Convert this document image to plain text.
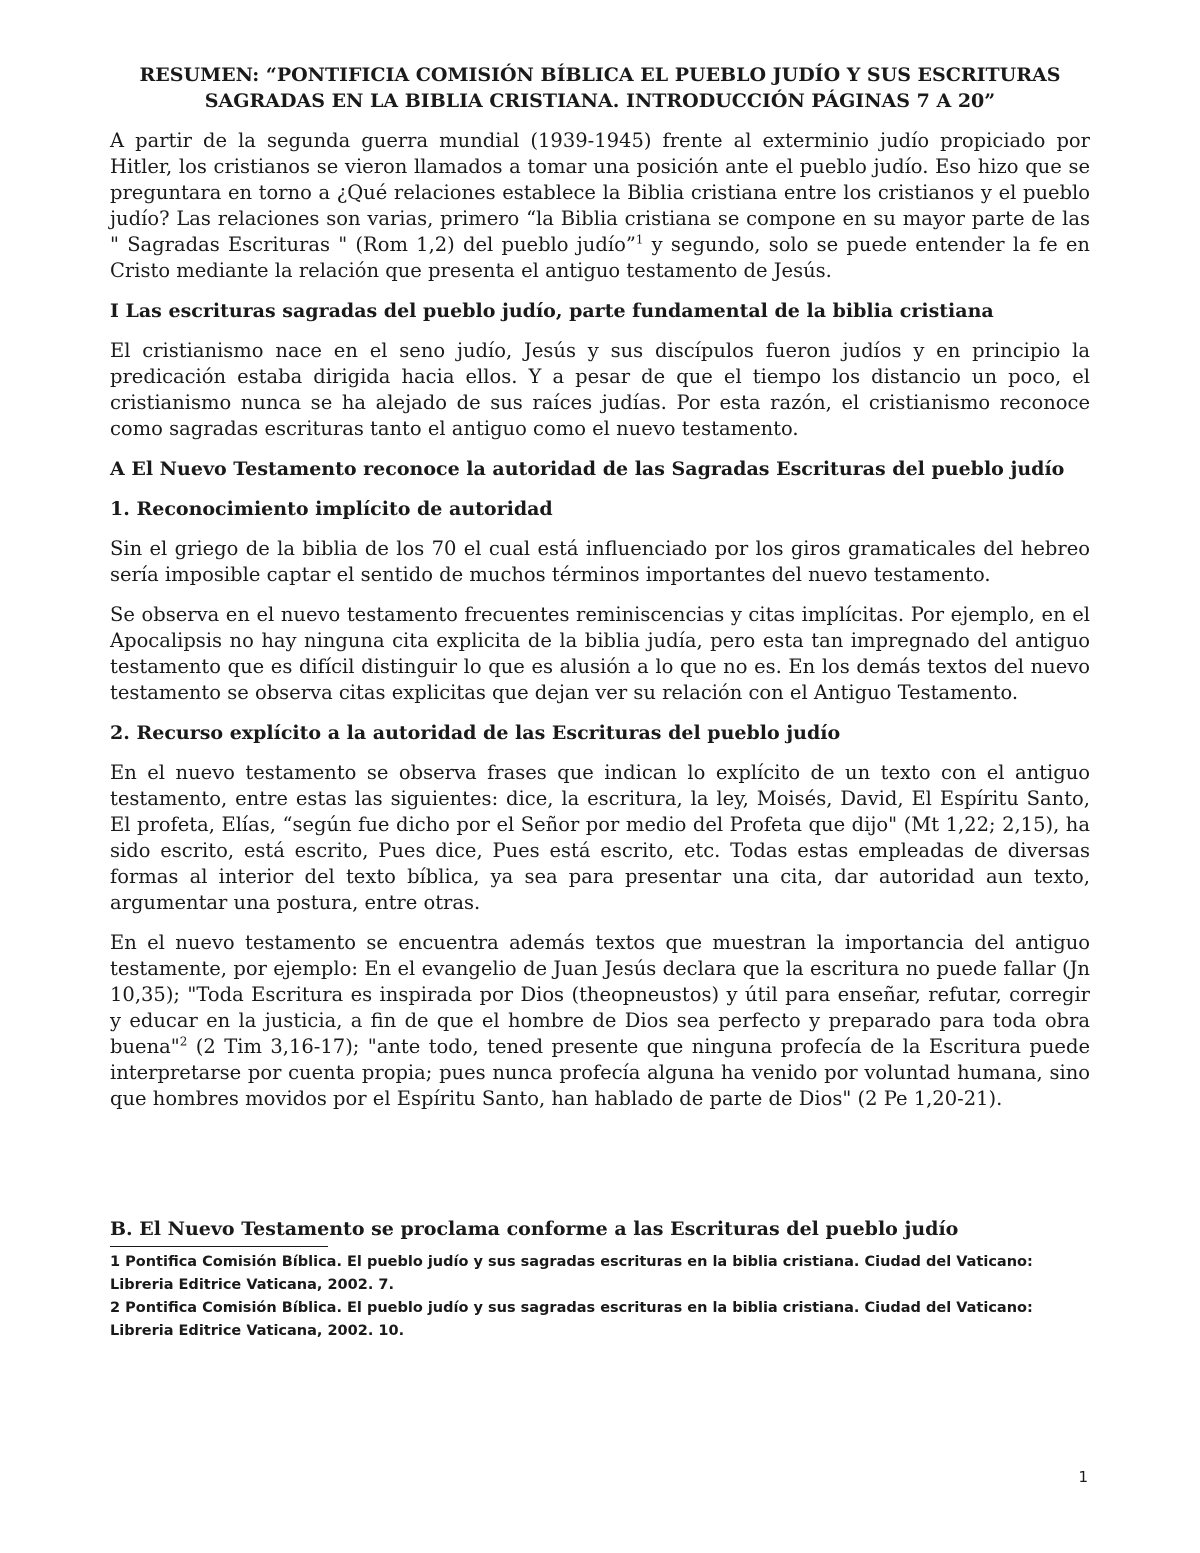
RESUMEN: “PONTIFICIA COMISIÓN BÍBLICA EL PUEBLO JUDÍO Y SUS ESCRITURAS
SAGRADAS EN LA BIBLIA CRISTIANA. INTRODUCCIÓN PÁGINAS 7 A 20”

A partir de la segunda guerra mundial (1939-1945) frente al exterminio judío propiciado por Hitler, los cristianos se vieron llamados a tomar una posición ante el pueblo judío. Eso hizo que se preguntara en torno a ¿Qué relaciones establece la Biblia cristiana entre los cristianos y el pueblo judío? Las relaciones son varias, primero “la Biblia cristiana se compone en su mayor parte de las " Sagradas Escrituras " (Rom 1,2) del pueblo judío”$^1$ y segundo, solo se puede entender la fe en Cristo mediante la relación que presenta el antiguo testamento de Jesús.

I Las escrituras sagradas del pueblo judío, parte fundamental de la biblia cristiana

El cristianismo nace en el seno judío, Jesús y sus discípulos fueron judíos y en principio la predicación estaba dirigida hacia ellos. Y a pesar de que el tiempo los distancio un poco, el cristianismo nunca se ha alejado de sus raíces judías. Por esta razón, el cristianismo reconoce como sagradas escrituras tanto el antiguo como el nuevo testamento.

A El Nuevo Testamento reconoce la autoridad de las Sagradas Escrituras del pueblo judío
1. Reconocimiento implícito de autoridad

Sin el griego de la biblia de los 70 el cual está influenciado por los giros gramaticales del hebreo sería imposible captar el sentido de muchos términos importantes del nuevo testamento.

Se observa en el nuevo testamento frecuentes reminiscencias y citas implícitas. Por ejemplo, en el Apocalipsis no hay ninguna cita explicita de la biblia judía, pero esta tan impregnado del antiguo testamento que es difícil distinguir lo que es alusión a lo que no es. En los demás textos del nuevo testamento se observa citas explicitas que dejan ver su relación con el Antiguo Testamento.

2. Recurso explícito a la autoridad de las Escrituras del pueblo judío

En el nuevo testamento se observa frases que indican lo explícito de un texto con el antiguo testamento, entre estas las siguientes: dice, la escritura, la ley, Moisés, David, El Espíritu Santo, El profeta, Elías, “según fue dicho por el Señor por medio del Profeta que dijo" (Mt 1,22; 2,15), ha sido escrito, está escrito, Pues dice, Pues está escrito, etc. Todas estas empleadas de diversas formas al interior del texto bíblica, ya sea para presentar una cita, dar autoridad aun texto, argumentar una postura, entre otras.

En el nuevo testamento se encuentra además textos que muestran la importancia del antiguo testamente, por ejemplo: En el evangelio de Juan Jesús declara que la escritura no puede fallar (Jn 10,35); "Toda Escritura es inspirada por Dios (theopneustos) y útil para enseñar, refutar, corregir y educar en la justicia, a fin de que el hombre de Dios sea perfecto y preparado para toda obra buena"$^2$ (2 Tim 3,16-17); "ante todo, tened presente que ninguna profecía de la Escritura puede interpretarse por cuenta propia; pues nunca profecía alguna ha venido por voluntad humana, sino que hombres movidos por el Espíritu Santo, han hablado de parte de Dios" (2 Pe 1,20-21).

B. El Nuevo Testamento se proclama conforme a las Escrituras del pueblo judío

1 Pontifica Comisión Bíblica. El pueblo judío y sus sagradas escrituras en la biblia cristiana. Ciudad del Vaticano: Libreria Editrice Vaticana, 2002. 7.

2 Pontifica Comisión Bíblica. El pueblo judío y sus sagradas escrituras en la biblia cristiana. Ciudad del Vaticano: Libreria Editrice Vaticana, 2002. 10.

1
